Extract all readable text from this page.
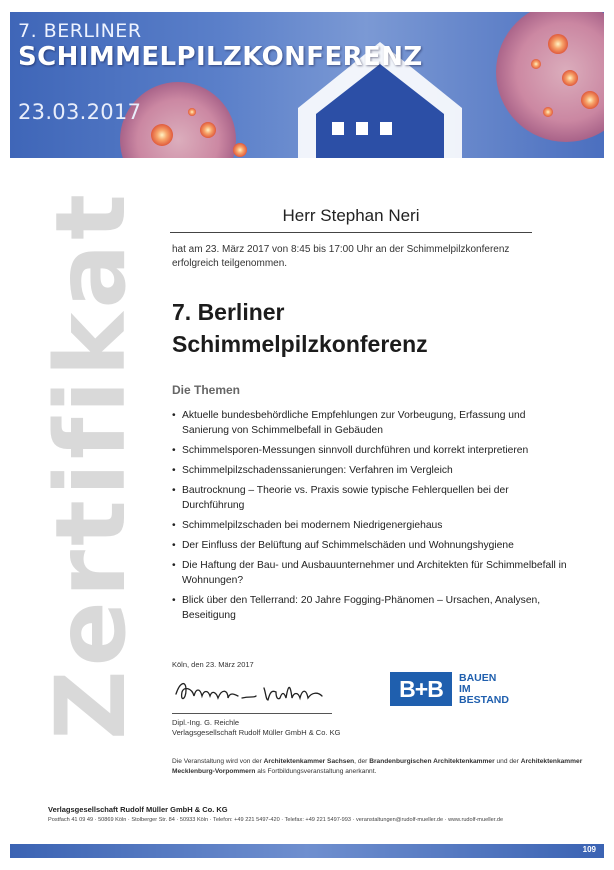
7. BERLINER
SCHIMMELPILZKONFERENZ
23.03.2017
Zertifikat	Herr Stephan Neri
hat am 23. März 2017 von 8:45 bis 17:00 Uhr an der Schimmelpilzkonferenz erfolgreich teilgenommen.
7. Berliner
Schimmelpilzkonferenz
Die Themen
• Aktuelle bundesbehördliche Empfehlungen zur Vorbeugung, Erfassung und Sanierung von Schimmelbefall in Gebäuden
• Schimmelsporen-Messungen sinnvoll durchführen und korrekt interpretieren
• Schimmelpilzschadenssanierungen: Verfahren im Vergleich
• Bautrocknung – Theorie vs. Praxis sowie typische Fehlerquellen bei der Durchführung
• Schimmelpilzschaden bei modernem Niedrigenergiehaus
• Der Einfluss der Belüftung auf Schimmelschäden und Wohnungshygiene
• Die Haftung der Bau- und Ausbauunternehmer und Architekten für Schimmelbefall in Wohnungen?
• Blick über den Tellerrand: 20 Jahre Fogging-Phänomen – Ursachen, Analysen, Beseitigung
Köln, den 23. März 2017
Dipl.-Ing. G. Reichle
Verlagsgesellschaft Rudolf Müller GmbH & Co. KG
B+B	BAUEN
IM
BESTAND
Die Veranstaltung wird von der Architektenkammer Sachsen, der Brandenburgischen Architektenkammer und der Architektenkammer Mecklenburg-Vorpommern als Fortbildungsveranstaltung anerkannt.
Verlagsgesellschaft Rudolf Müller GmbH & Co. KG
Postfach 41 09 49 · 50869 Köln · Stolberger Str. 84 · 50933 Köln · Telefon: +49 221 5497-420 · Telefax: +49 221 5497-993 · veranstaltungen@rudolf-mueller.de · www.rudolf-mueller.de
109
